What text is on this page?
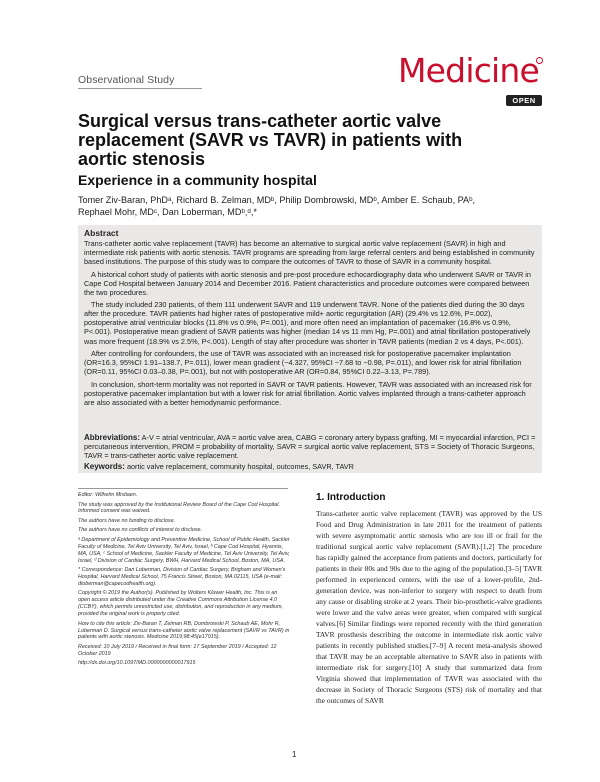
Observational Study	Medicine
OPEN
Surgical versus trans-catheter aortic valve replacement (SAVR vs TAVR) in patients with aortic stenosis
Experience in a community hospital
Tomer Ziv-Baran, PhDᵃ, Richard B. Zelman, MDᵇ, Philip Dombrowski, MDᵇ, Amber E. Schaub, PAᵇ,
Rephael Mohr, MDᶜ, Dan Loberman, MDᵇ,ᵈ,*
Abstract

Trans-catheter aortic valve replacement (TAVR) has become an alternative to surgical aortic valve replacement (SAVR) in high and intermediate risk patients with aortic stenosis. TAVR programs are spreading from large referral centers and being established in community based institutions. The purpose of this study was to compare the outcomes of TAVR to those of SAVR in a community hospital.

A historical cohort study of patients with aortic stenosis and pre-post procedure echocardiography data who underwent SAVR or TAVR in Cape Cod Hospital between January 2014 and December 2016. Patient characteristics and procedure outcomes were compared between the two procedures.

The study included 230 patients, of them 111 underwent SAVR and 119 underwent TAVR. None of the patients died during the 30 days after the procedure. TAVR patients had higher rates of postoperative mild+ aortic regurgitation (AR) (29.4% vs 12.6%, P=.002), postoperative atrial ventricular blocks (11.8% vs 0.9%, P=.001), and more often need an implantation of pacemaker (16.8% vs 0.9%, P<.001). Postoperative mean gradient of SAVR patients was higher (median 14 vs 11 mm Hg, P=.001) and atrial fibrillation postoperatively was more frequent (18.9% vs 2.5%, P<.001). Length of stay after procedure was shorter in TAVR patients (median 2 vs 4 days, P<.001).

After controlling for confounders, the use of TAVR was associated with an increased risk for postoperative pacemaker implantation (OR=16.3, 95%CI 1.91–138.7, P=.011), lower mean gradient (−4.327, 95%CI −7.68 to −0.98, P=.011), and lower risk for atrial fibrillation (OR=0.11, 95%CI 0.03–0.38, P=.001), but not with postoperative AR (OR=0.84, 95%CI 0.22–3.13, P=.789).

In conclusion, short-term mortality was not reported in SAVR or TAVR patients. However, TAVR was associated with an increased risk for postoperative pacemaker implantation but with a lower risk for atrial fibrillation. Aortic valves implanted through a trans-catheter approach are also associated with a better hemodynamic performance.

Abbreviations: A-V = atrial ventricular, AVA = aortic valve area, CABG = coronary artery bypass grafting, MI = myocardial infarction, PCI = percutaneous intervention, PROM = probability of mortality, SAVR = surgical aortic valve replacement, STS = Society of Thoracic Surgeons, TAVR = trans-catheter aortic valve replacement.
Keywords: aortic valve replacement, community hospital, outcomes, SAVR, TAVR

Editor: Wilhelm Mistiaen.

The study was approved by the Institutional Review Board of the Cape Cod Hospital. Informed consent was waived.

The authors have no funding to disclose.

The authors have no conflicts of interest to disclose.

ᵃ Department of Epidemiology and Preventive Medicine, School of Public Health, Sackler Faculty of Medicine, Tel Aviv University, Tel Aviv, Israel, ᵇ Cape Cod Hospital, Hyannis, MA, USA, ᶜ School of Medicine, Sackler Faculty of Medicine, Tel Aviv University, Tel Aviv, Israel, ᵈ Division of Cardiac Surgery, BWH, Harvard Medical School, Boston, MA, USA.

* Correspondence: Dan Loberman, Division of Cardiac Surgery, Brigham and Women's Hospital, Harvard Medical School, 75 Francis Street, Boston, MA 02115, USA (e-mail: dloberman@capecodhealth.org).

Copyright © 2019 the Author(s). Published by Wolters Kluwer Health, Inc. This is an open access article distributed under the Creative Commons Attribution License 4.0 (CCBY), which permits unrestricted use, distribution, and reproduction in any medium, provided the original work is properly cited.

How to cite this article: Ziv-Baran T, Zelman RB, Dombrowski P, Schaub AE, Mohr R, Loberman D. Surgical versus trans-catheter aortic valve replacement (SAVR vs TAVR) in patients with aortic stenosis. Medicine 2019;98:45(e17915).

Received: 10 July 2019 / Received in final form: 17 September 2019 / Accepted: 12 October 2019

http://dx.doi.org/10.1097/MD.0000000000017915

1. Introduction
Trans-catheter aortic valve replacement (TAVR) was approved by the US Food and Drug Administration in late 2011 for the treatment of patients with severe asymptomatic aortic stenosis who are too ill or frail for the traditional surgical aortic valve replacement (SAVR).[1,2] The procedure has rapidly gained the acceptance from patients and doctors, particularly for patients in their 80s and 90s due to the aging of the population.[3–5] TAVR performed in experienced centers, with the use of a lower-profile, 2nd-generation device, was non-inferior to surgery with respect to death from any cause or disabling stroke at 2 years. Their bio-prosthetic-valve gradients were lower and the valve areas were greater, when compared with surgical valves.[6] Similar findings were reported recently with the third generation TAVR prosthesis describing the outcome in intermediate risk aortic valve patients in recently published studies.[7–9] A recent meta-analysis showed that TAVR may be an acceptable alternative to SAVR also in patients with intermediate risk for surgery.[10] A study that summarized data from Virginia showed that implementation of TAVR was associated with the decrease in Society of Thoracic Surgeons (STS) risk of mortality and that the outcomes of SAVR
1
